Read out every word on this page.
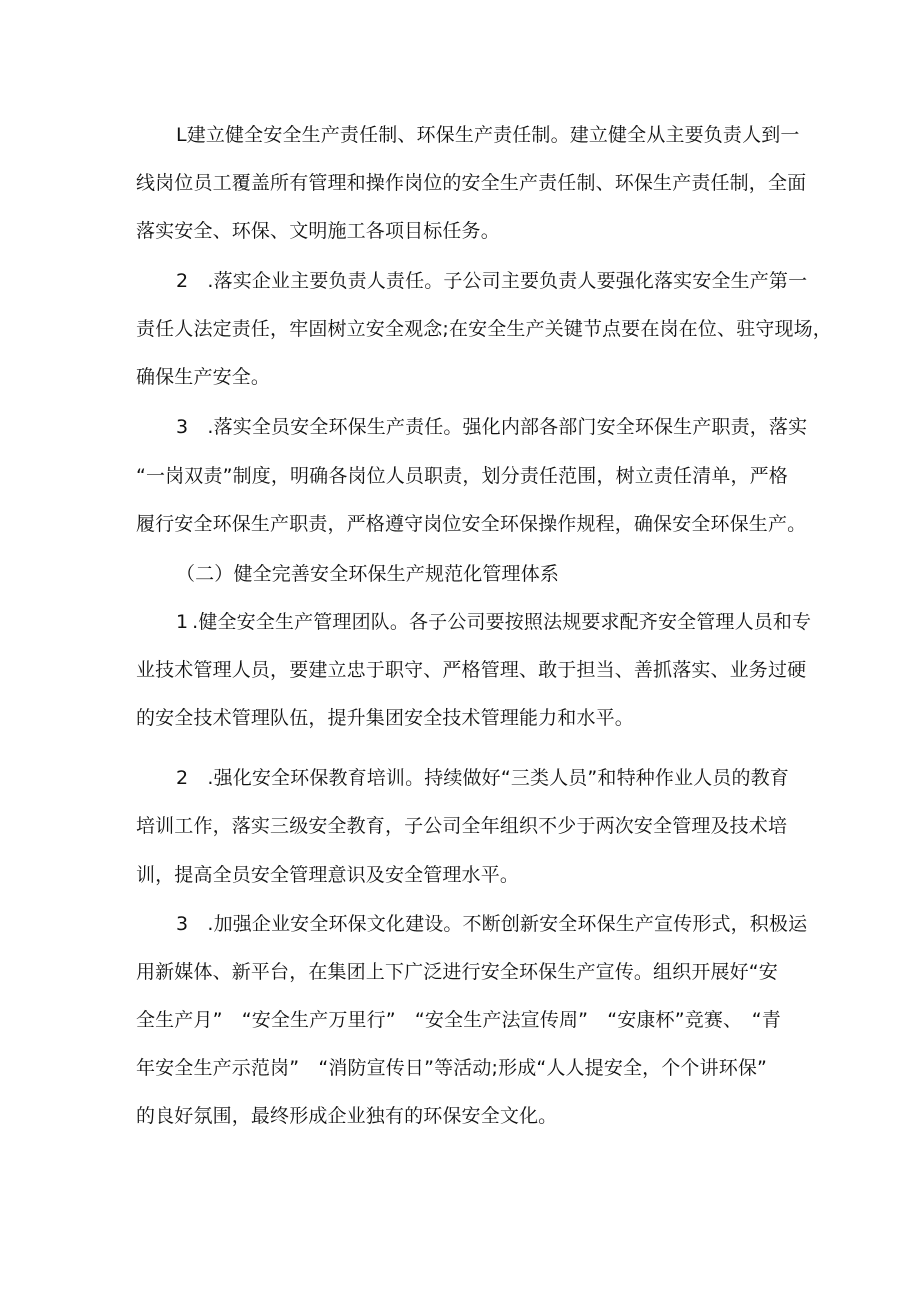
L建立健全安全生产责任制、环保生产责任制。建立健全从主要负责人到一
线岗位员工覆盖所有管理和操作岗位的安全生产责任制、环保生产责任制，全面
落实安全、环保、文明施工各项目标任务。
2　.落实企业主要负责人责任。子公司主要负责人要强化落实安全生产第一
责任人法定责任，牢固树立安全观念;在安全生产关键节点要在岗在位、驻守现场，
确保生产安全。
3　.落实全员安全环保生产责任。强化内部各部门安全环保生产职责，落实
“一岗双责”制度，明确各岗位人员职责，划分责任范围，树立责任清单，严格
履行安全环保生产职责，严格遵守岗位安全环保操作规程，确保安全环保生产。
（二）健全完善安全环保生产规范化管理体系
1 .健全安全生产管理团队。各子公司要按照法规要求配齐安全管理人员和专
业技术管理人员，要建立忠于职守、严格管理、敢于担当、善抓落实、业务过硬
的安全技术管理队伍，提升集团安全技术管理能力和水平。
2　.强化安全环保教育培训。持续做好“三类人员”和特种作业人员的教育
培训工作，落实三级安全教育，子公司全年组织不少于两次安全管理及技术培
训，提高全员安全管理意识及安全管理水平。
3　.加强企业安全环保文化建设。不断创新安全环保生产宣传形式，积极运
用新媒体、新平台，在集团上下广泛进行安全环保生产宣传。组织开展好“安
全生产月”　“安全生产万里行”　“安全生产法宣传周”　“安康杯”竞赛、　“青
年安全生产示范岗”　“消防宣传日”等活动;形成“人人提安全，个个讲环保”
的良好氛围，最终形成企业独有的环保安全文化。
